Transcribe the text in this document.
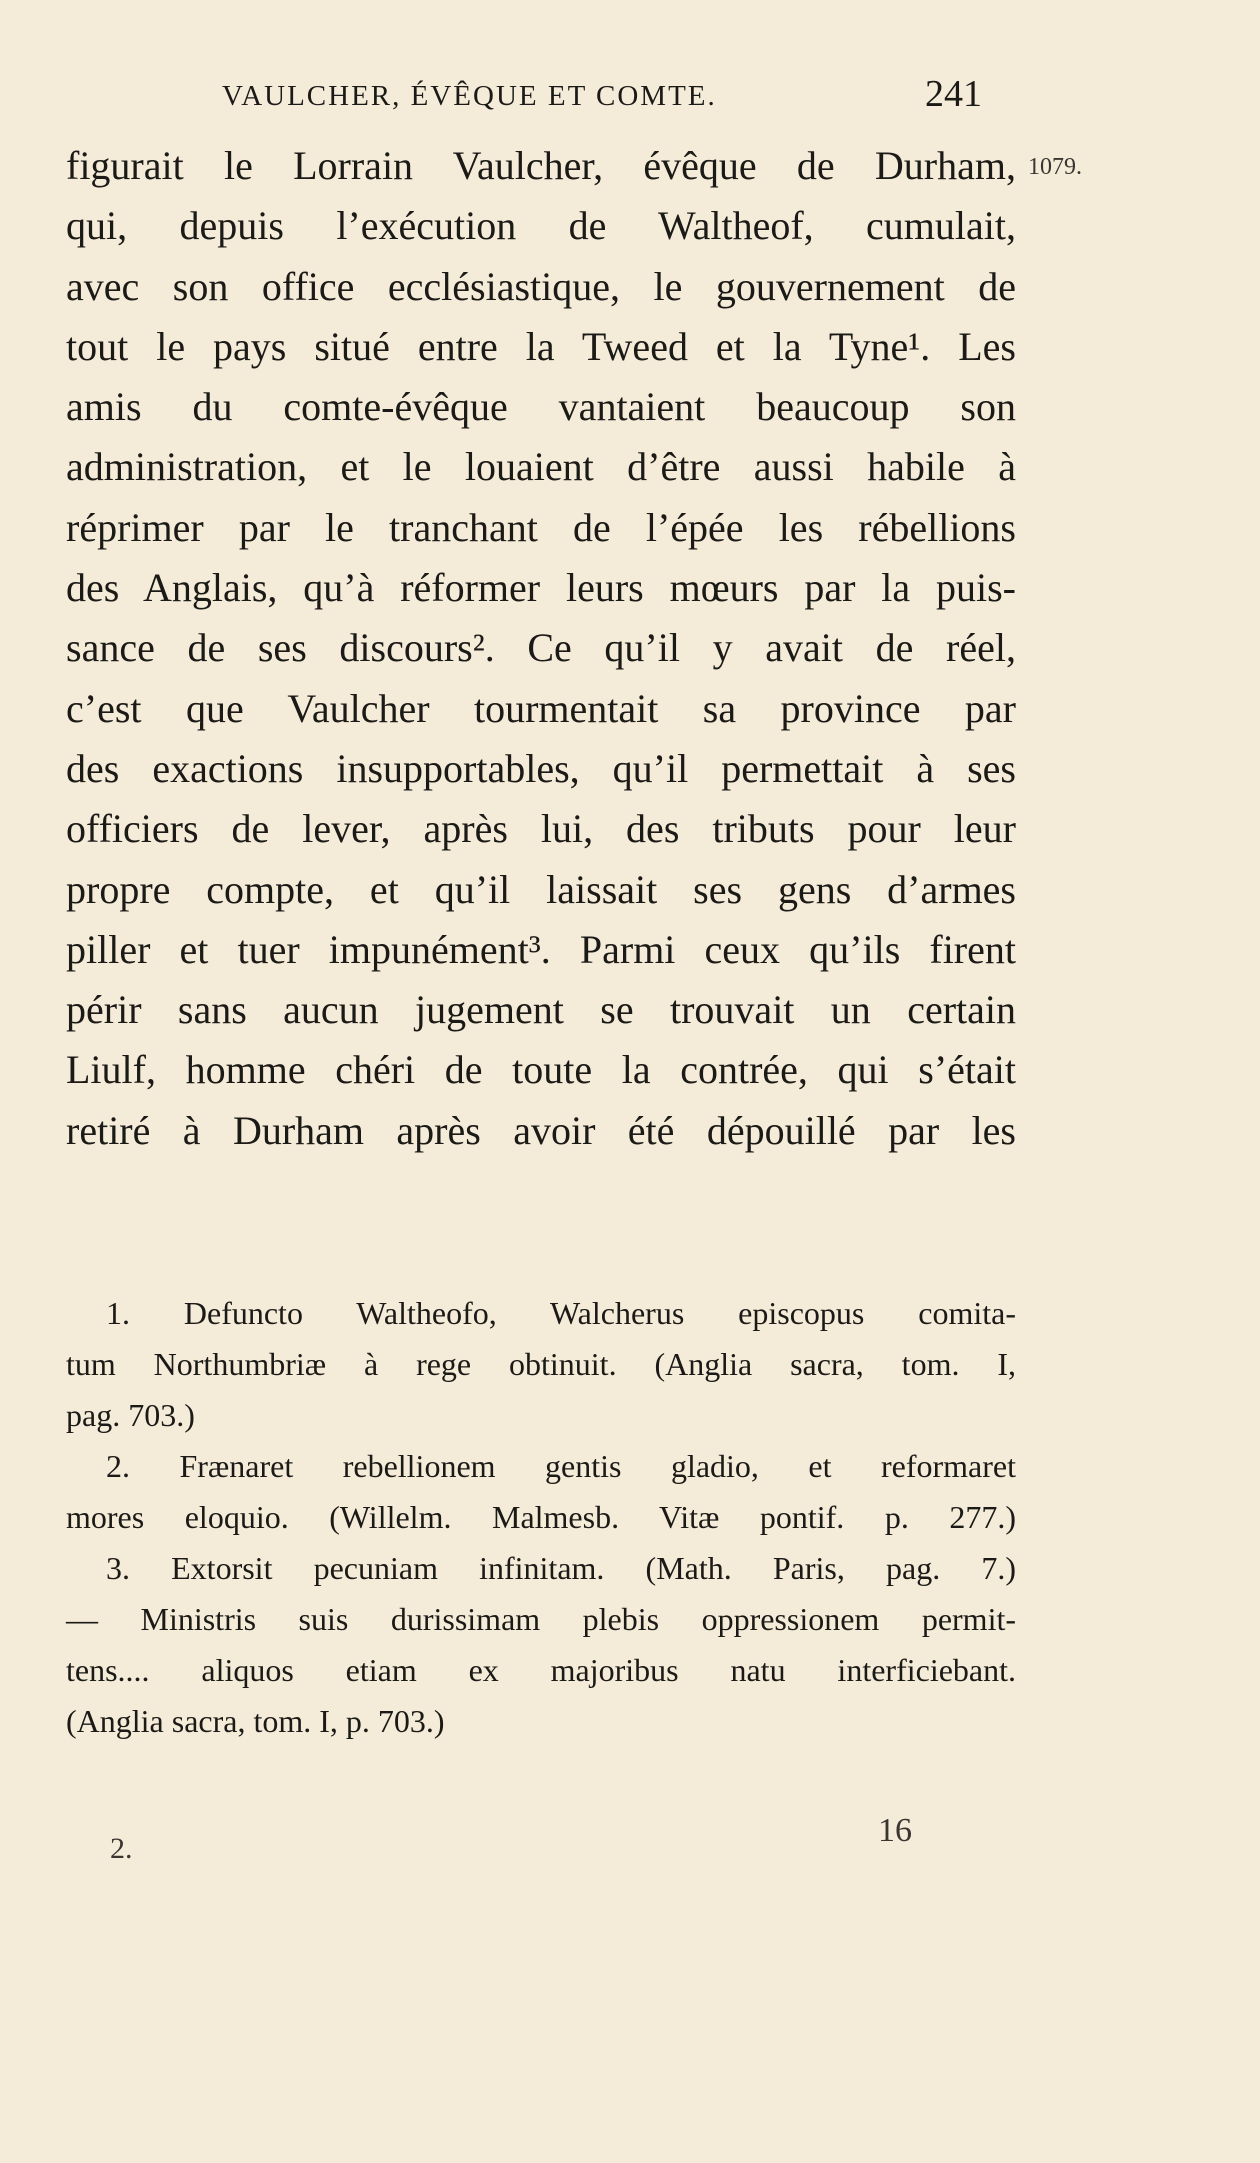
VAULCHER, ÉVÊQUE ET COMTE.	241
1079.
figurait le Lorrain Vaulcher, évêque de Durham,
qui, depuis l’exécution de Waltheof, cumulait,
avec son office ecclésiastique, le gouvernement de
tout le pays situé entre la Tweed et la Tyne¹. Les
amis du comte-évêque vantaient beaucoup son
administration, et le louaient d’être aussi habile à
réprimer par le tranchant de l’épée les rébellions
des Anglais, qu’à réformer leurs mœurs par la puis-
sance de ses discours². Ce qu’il y avait de réel,
c’est que Vaulcher tourmentait sa province par
des exactions insupportables, qu’il permettait à ses
officiers de lever, après lui, des tributs pour leur
propre compte, et qu’il laissait ses gens d’armes
piller et tuer impunément³. Parmi ceux qu’ils firent
périr sans aucun jugement se trouvait un certain
Liulf, homme chéri de toute la contrée, qui s’était
retiré à Durham après avoir été dépouillé par les
1. Defuncto Waltheofo, Walcherus episcopus comita-
tum Northumbriæ à rege obtinuit. (Anglia sacra, tom. I,
pag. 703.)
2. Frænaret rebellionem gentis gladio, et reformaret
mores eloquio. (Willelm. Malmesb. Vitæ pontif. p. 277.)
3. Extorsit pecuniam infinitam. (Math. Paris, pag. 7.)
— Ministris suis durissimam plebis oppressionem permit-
tens.... aliquos etiam ex majoribus natu interficiebant.
(Anglia sacra, tom. I, p. 703.)
2.	16
